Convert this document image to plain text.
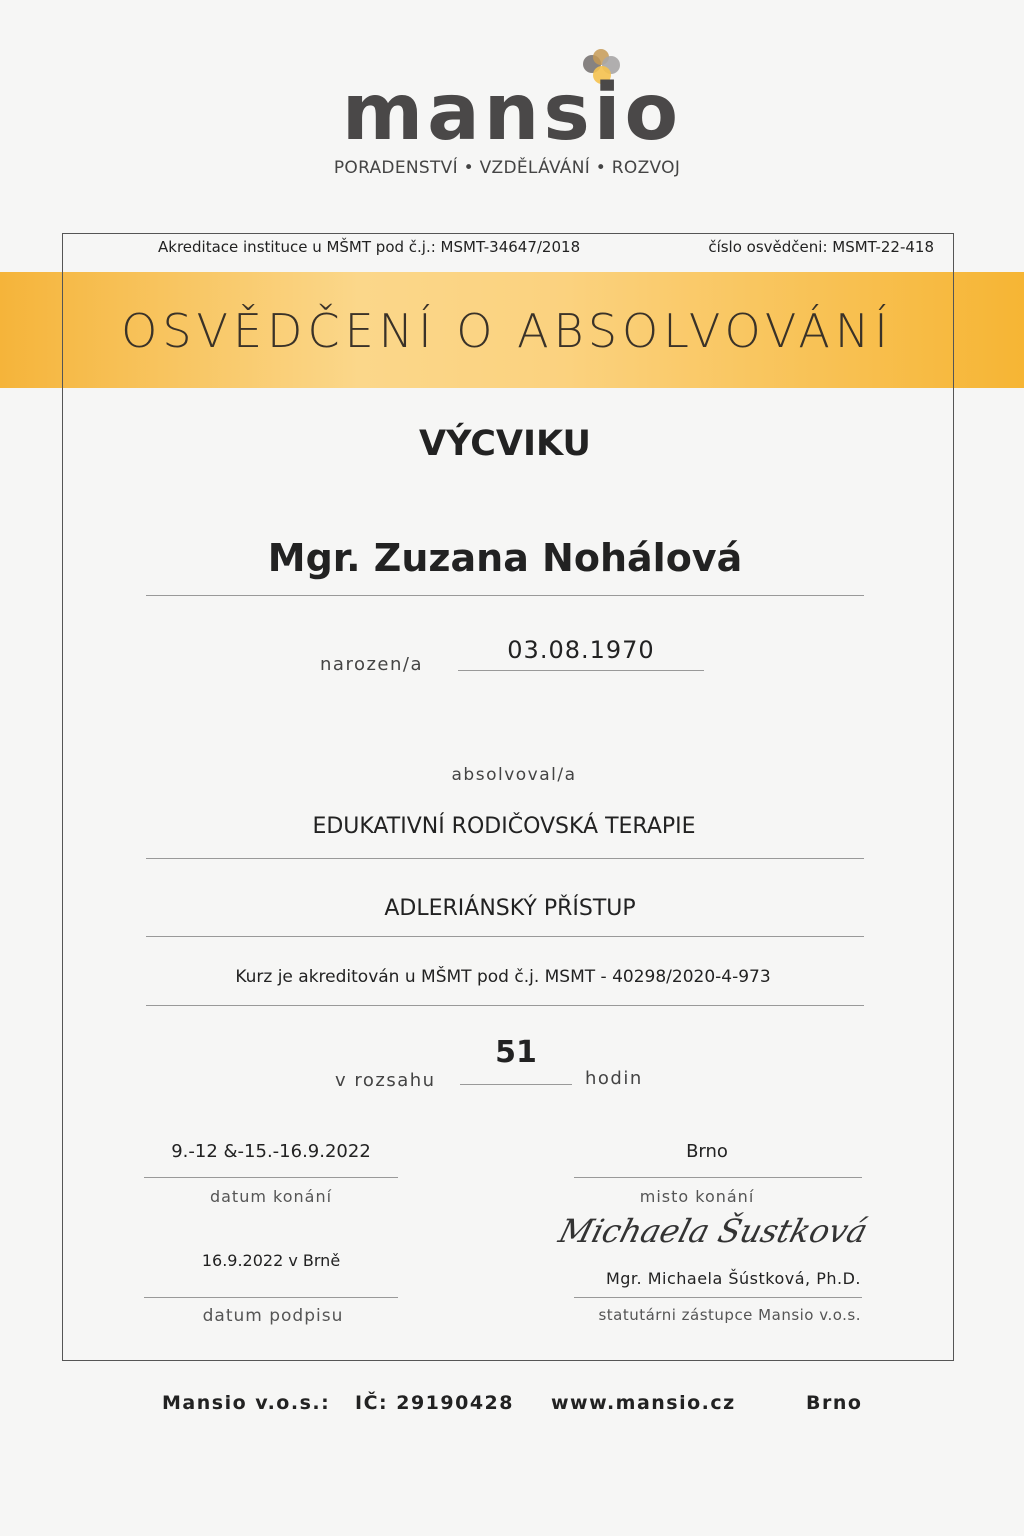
mansio
PORADENSTVÍ • VZDĚLÁVÁNÍ • ROZVOJ
Akreditace instituce u MŠMT pod č.j.: MSMT-34647/2018	číslo osvědčeni: MSMT-22-418
OSVĚDČENÍ O ABSOLVOVÁNÍ
VÝCVIKU
Mgr. Zuzana Nohálová
narozen/a
03.08.1970
absolvoval/a
EDUKATIVNÍ RODIČOVSKÁ TERAPIE
ADLERIÁNSKÝ PŘÍSTUP
Kurz je akreditován u MŠMT pod č.j. MSMT - 40298/2020-4-973
v rozsahu
51
hodin
9.-12 &-15.-16.9.2022
datum konání
Brno
misto konání
16.9.2022 v Brně
datum podpisu
Michaela Šustková
Mgr. Michaela Šústková, Ph.D.
statutárni zástupce Mansio v.o.s.
Mansio v.o.s.: IČ: 29190428 www.mansio.cz	Brno
